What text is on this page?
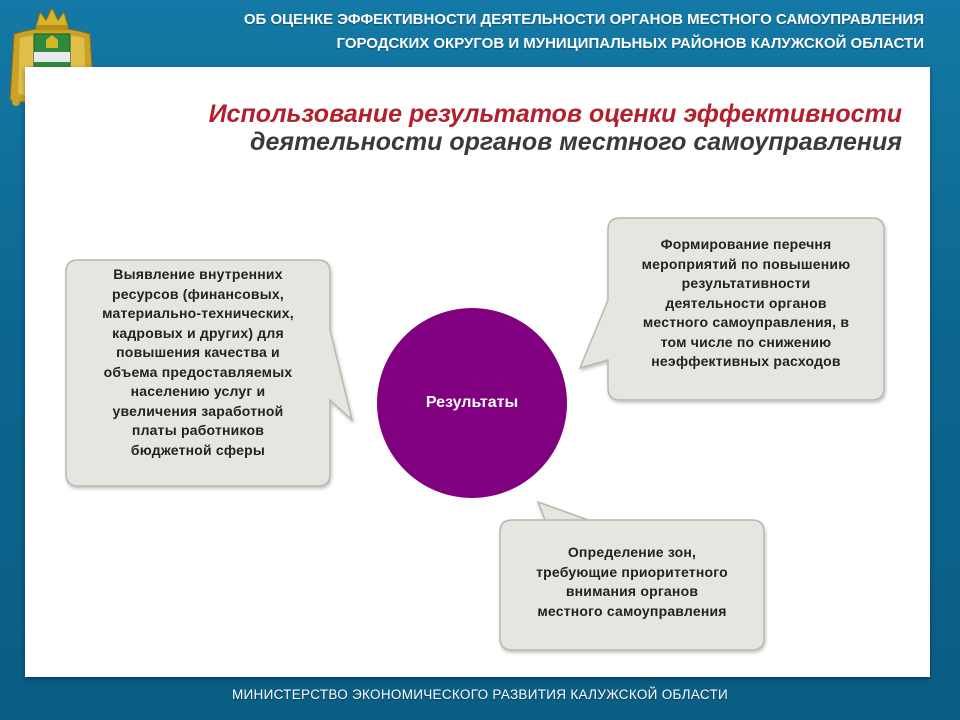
ОБ ОЦЕНКЕ ЭФФЕКТИВНОСТИ ДЕЯТЕЛЬНОСТИ ОРГАНОВ МЕСТНОГО САМОУПРАВЛЕНИЯ
ГОРОДСКИХ ОКРУГОВ И МУНИЦИПАЛЬНЫХ РАЙОНОВ КАЛУЖСКОЙ ОБЛАСТИ
Использование результатов оценки эффективности
деятельности органов местного самоуправления
Выявление внутренних
ресурсов (финансовых,
материально-технических,
кадровых и других) для
повышения качества и
объема предоставляемых
населению услуг и
увеличения заработной
платы работников
бюджетной сферы
Формирование перечня
мероприятий по повышению
результативности
деятельности органов
местного самоуправления, в
том числе по снижению
неэффективных расходов
Определение зон,
требующие приоритетного
внимания органов
местного самоуправления
Результаты
МИНИСТЕРСТВО ЭКОНОМИЧЕСКОГО РАЗВИТИЯ КАЛУЖСКОЙ ОБЛАСТИ
